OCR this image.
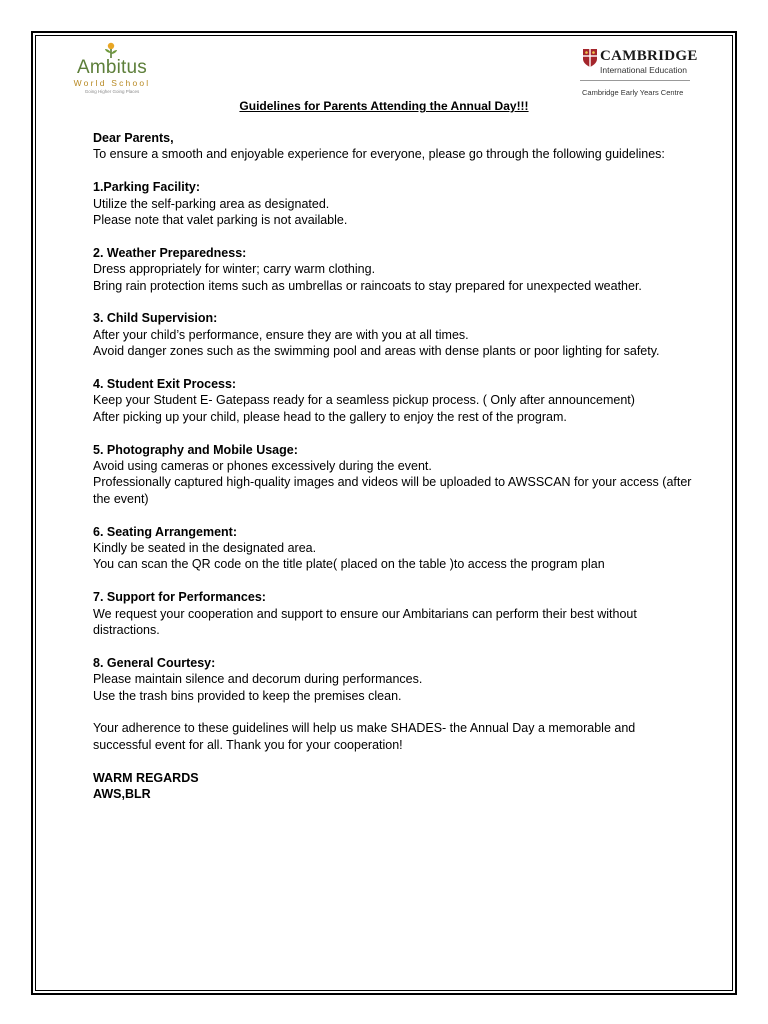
Ambitus
World School
Going Higher Going Places
CAMBRIDGE
International Education
Cambridge Early Years Centre
Guidelines for Parents Attending the Annual Day!!!

Dear Parents,

To ensure a smooth and enjoyable experience for everyone, please go through the following guidelines:

1.Parking Facility:

Utilize the self-parking area as designated.

Please note that valet parking is not available.

2. Weather Preparedness:

Dress appropriately for winter; carry warm clothing.

Bring rain protection items such as umbrellas or raincoats to stay prepared for unexpected weather.

3. Child Supervision:

After your child’s performance, ensure they are with you at all times.

Avoid danger zones such as the swimming pool and areas with dense plants or poor lighting for safety.

4. Student Exit Process:

Keep your Student E- Gatepass ready for a seamless pickup process. ( Only after announcement)

After picking up your child, please head to the gallery to enjoy the rest of the program.

5. Photography and Mobile Usage:

Avoid using cameras or phones excessively during the event.

Professionally captured high-quality images and videos will be uploaded to AWSSCAN for your access (after the event)

6. Seating Arrangement:

Kindly be seated in the designated area.

You can scan the QR code on the title plate( placed on the table )to access the program plan

7. Support for Performances:

We request your cooperation and support to ensure our Ambitarians can perform their best without distractions.

8. General Courtesy:

Please maintain silence and decorum during performances.

Use the trash bins provided to keep the premises clean.

Your adherence to these guidelines will help us make SHADES- the Annual Day a memorable and successful event for all. Thank you for your cooperation!

WARM REGARDS

AWS,BLR
